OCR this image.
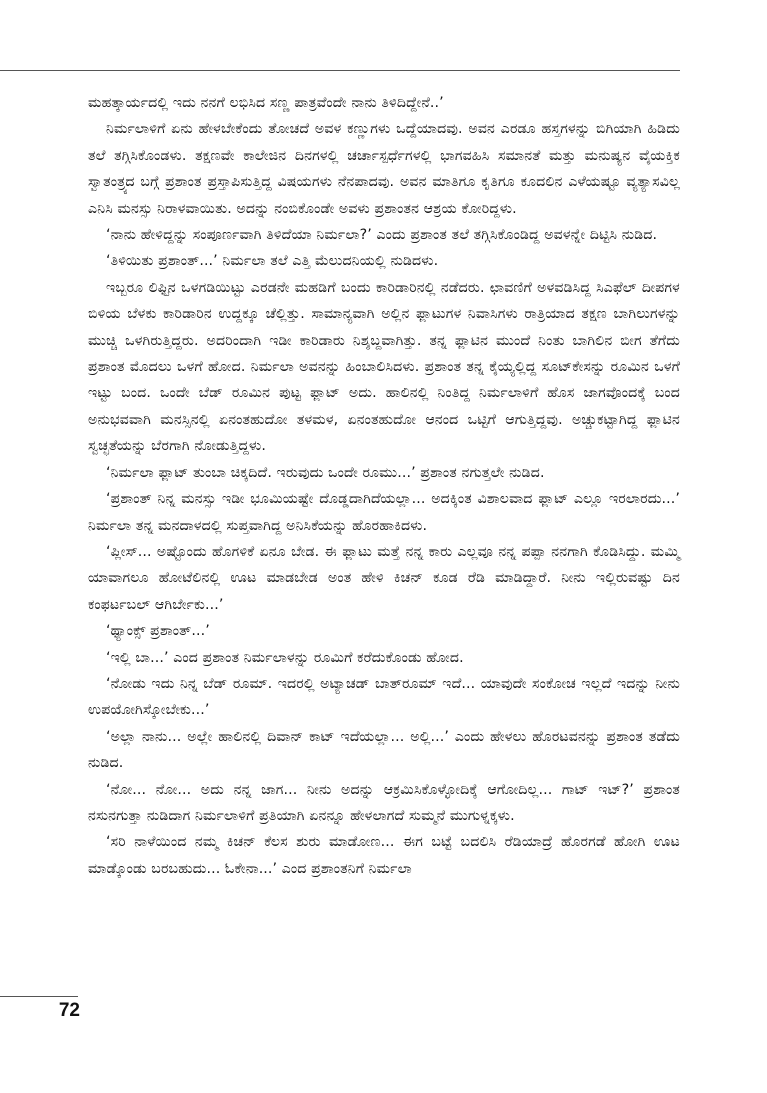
ಮಹತ್ಕಾರ್ಯದಲ್ಲಿ ಇದು ನನಗೆ ಲಭಿಸಿದ ಸಣ್ಣ ಪಾತ್ರವೆಂದೇ ನಾನು ತಿಳಿದಿದ್ದೇನೆ..’

ನಿರ್ಮಲಾಳಿಗೆ ಏನು ಹೇಳಬೇಕೆಂದು ತೋಚದೆ ಅವಳ ಕಣ್ಣುಗಳು ಒದ್ದೆಯಾದವು. ಅವನ ಎರಡೂ ಹಸ್ತಗಳನ್ನು ಬಿಗಿಯಾಗಿ ಹಿಡಿದು ತಲೆ ತಗ್ಗಿಸಿಕೊಂಡಳು. ತಕ್ಷಣವೇ ಕಾಲೇಜಿನ ದಿನಗಳಲ್ಲಿ ಚರ್ಚಾಸ್ಪರ್ಧೆಗಳಲ್ಲಿ ಭಾಗವಹಿಸಿ ಸಮಾನತೆ ಮತ್ತು ಮನುಷ್ಯನ ವೈಯಕ್ತಿಕ ಸ್ವಾತಂತ್ರ್ಯದ ಬಗ್ಗೆ ಪ್ರಶಾಂತ ಪ್ರಸ್ತಾಪಿಸುತ್ತಿದ್ದ ವಿಷಯಗಳು ನೆನಪಾದವು. ಅವನ ಮಾತಿಗೂ ಕೃತಿಗೂ ಕೂದಲಿನ ಎಳೆಯಷ್ಟೂ ವ್ಯತ್ಯಾಸವಿಲ್ಲ ಎನಿಸಿ ಮನಸ್ಸು ನಿರಾಳವಾಯಿತು. ಅದನ್ನು ನಂಬಿಕೊಂಡೇ ಅವಳು ಪ್ರಶಾಂತನ ಆಶ್ರಯ ಕೋರಿದ್ದಳು.

‘ನಾನು ಹೇಳಿದ್ದನ್ನು ಸಂಪೂರ್ಣವಾಗಿ ತಿಳಿದೆಯಾ ನಿರ್ಮಲಾ?’ ಎಂದು ಪ್ರಶಾಂತ ತಲೆ ತಗ್ಗಿಸಿಕೊಂಡಿದ್ದ ಅವಳನ್ನೇ ದಿಟ್ಟಿಸಿ ನುಡಿದ.

‘ತಿಳಿಯಿತು ಪ್ರಶಾಂತ್...’ ನಿರ್ಮಲಾ ತಲೆ ಎತ್ತಿ ಮೆಲುದನಿಯಲ್ಲಿ ನುಡಿದಳು.

ಇಬ್ಬರೂ ಲಿಫ್ಟಿನ ಒಳಗಡಿಯಿಟ್ಟು ಎರಡನೇ ಮಹಡಿಗೆ ಬಂದು ಕಾರಿಡಾರಿನಲ್ಲಿ ನಡೆದರು. ಛಾವಣಿಗೆ ಅಳವಡಿಸಿದ್ದ ಸಿಎಫೆಲ್ ದೀಪಗಳ ಬಿಳಿಯ ಬೆಳಕು ಕಾರಿಡಾರಿನ ಉದ್ದಕ್ಕೂ ಚೆಲ್ಲಿತ್ತು. ಸಾಮಾನ್ಯವಾಗಿ ಅಲ್ಲಿನ ಫ್ಲಾಟುಗಳ ನಿವಾಸಿಗಳು ರಾತ್ರಿಯಾದ ತಕ್ಷಣ ಬಾಗಿಲುಗಳನ್ನು ಮುಚ್ಚಿ ಒಳಗಿರುತ್ತಿದ್ದರು. ಅದರಿಂದಾಗಿ ಇಡೀ ಕಾರಿಡಾರು ನಿಶ್ಶಬ್ದವಾಗಿತ್ತು. ತನ್ನ ಫ್ಲಾಟಿನ ಮುಂದೆ ನಿಂತು ಬಾಗಿಲಿನ ಬೀಗ ತೆಗೆದು ಪ್ರಶಾಂತ ಮೊದಲು ಒಳಗೆ ಹೋದ. ನಿರ್ಮಲಾ ಅವನನ್ನು ಹಿಂಬಾಲಿಸಿದಳು. ಪ್ರಶಾಂತ ತನ್ನ ಕೈಯ್ಯಲ್ಲಿದ್ದ ಸೂಟ್‌ಕೇಸನ್ನು ರೂಮಿನ ಒಳಗೆ ಇಟ್ಟು ಬಂದ. ಒಂದೇ ಬೆಡ್ ರೂಮಿನ ಪುಟ್ಟ ಫ್ಲಾಟ್ ಅದು. ಹಾಲಿನಲ್ಲಿ ನಿಂತಿದ್ದ ನಿರ್ಮಲಾಳಿಗೆ ಹೊಸ ಜಾಗವೊಂದಕ್ಕೆ ಬಂದ ಅನುಭವವಾಗಿ ಮನಸ್ಸಿನಲ್ಲಿ ಏನಂತಹುದೋ ತಳಮಳ, ಏನಂತಹುದೋ ಆನಂದ ಒಟ್ಟಿಗೆ ಆಗುತ್ತಿದ್ದವು. ಅಚ್ಚುಕಟ್ಟಾಗಿದ್ದ ಫ್ಲಾಟಿನ ಸ್ವಚ್ಛತೆಯನ್ನು ಬೆರಗಾಗಿ ನೋಡುತ್ತಿದ್ದಳು.

‘ನಿರ್ಮಲಾ ಫ್ಲಾಟ್ ತುಂಬಾ ಚಿಕ್ಕದಿದೆ. ಇರುವುದು ಒಂದೇ ರೂಮು...’ ಪ್ರಶಾಂತ ನಗುತ್ತಲೇ ನುಡಿದ.

‘ಪ್ರಶಾಂತ್ ನಿನ್ನ ಮನಸ್ಸು ಇಡೀ ಭೂಮಿಯಷ್ಟೇ ದೊಡ್ಡದಾಗಿದೆಯಲ್ಲಾ... ಅದಕ್ಕಿಂತ ವಿಶಾಲವಾದ ಫ್ಲಾಟ್ ಎಲ್ಲೂ ಇರಲಾರದು...’ ನಿರ್ಮಲಾ ತನ್ನ ಮನದಾಳದಲ್ಲಿ ಸುಪ್ತವಾಗಿದ್ದ ಅನಿಸಿಕೆಯನ್ನು ಹೊರಹಾಕಿದಳು.

‘ಪ್ಲೀಸ್... ಅಷ್ಟೊಂದು ಹೊಗಳಿಕೆ ಏನೂ ಬೇಡ. ಈ ಫ್ಲಾಟು ಮತ್ತೆ ನನ್ನ ಕಾರು ಎಲ್ಲವೂ ನನ್ನ ಪಪ್ಪಾ ನನಗಾಗಿ ಕೊಡಿಸಿದ್ದು. ಮಮ್ಮಿ ಯಾವಾಗಲೂ ಹೋಟೆಲಿನಲ್ಲಿ ಊಟ ಮಾಡಬೇಡ ಅಂತ ಹೇಳಿ ಕಿಚನ್ ಕೂಡ ರೆಡಿ ಮಾಡಿದ್ದಾರೆ. ನೀನು ಇಲ್ಲಿರುವಷ್ಟು ದಿನ ಕಂಫರ್ಟಬಲ್ ಆಗಿರ್ಬೇಕು...’

‘ಥ್ಯಾಂಕ್ಸ್ ಪ್ರಶಾಂತ್...’

‘ಇಲ್ಲಿ ಬಾ...’ ಎಂದ ಪ್ರಶಾಂತ ನಿರ್ಮಲಾಳನ್ನು ರೂಮಿಗೆ ಕರೆದುಕೊಂಡು ಹೋದ.

‘ನೋಡು ಇದು ನಿನ್ನ ಬೆಡ್ ರೂಮ್. ಇದರಲ್ಲಿ ಅಟ್ಯಾಚಡ್ ಬಾತ್‌ರೂಮ್ ಇದೆ... ಯಾವುದೇ ಸಂಕೋಚ ಇಲ್ಲದೆ ಇದನ್ನು ನೀನು ಉಪಯೋಗಿಸ್ಕೋಬೇಕು...’

‘ಅಲ್ಲಾ ನಾನು... ಅಲ್ಲೇ ಹಾಲಿನಲ್ಲಿ ದಿವಾನ್ ಕಾಟ್ ಇದೆಯಲ್ಲಾ... ಅಲ್ಲಿ...’ ಎಂದು ಹೇಳಲು ಹೊರಟವನನ್ನು ಪ್ರಶಾಂತ ತಡೆದು ನುಡಿದ.

‘ನೋ... ನೋ... ಅದು ನನ್ನ ಜಾಗ... ನೀನು ಅದನ್ನು ಆಕ್ರಮಿಸಿಕೊಳ್ಳೋದಿಕ್ಕೆ ಆಗೋದಿಲ್ಲ... ಗಾಟ್ ಇಟ್?’ ಪ್ರಶಾಂತ ನಸುನಗುತ್ತಾ ನುಡಿದಾಗ ನಿರ್ಮಲಾಳಿಗೆ ಪ್ರತಿಯಾಗಿ ಏನನ್ನೂ ಹೇಳಲಾಗದೆ ಸುಮ್ಮನೆ ಮುಗುಳ್ನಕ್ಕಳು.

‘ಸರಿ ನಾಳೆಯಿಂದ ನಮ್ಮ ಕಿಚನ್ ಕೆಲಸ ಶುರು ಮಾಡೋಣ... ಈಗ ಬಟ್ಟೆ ಬದಲಿಸಿ ರೆಡಿಯಾದ್ರೆ ಹೊರಗಡೆ ಹೋಗಿ ಊಟ ಮಾಡ್ಕೊಂಡು ಬರಬಹುದು... ಓಕೇನಾ...’ ಎಂದ ಪ್ರಶಾಂತನಿಗೆ ನಿರ್ಮಲಾ

72
